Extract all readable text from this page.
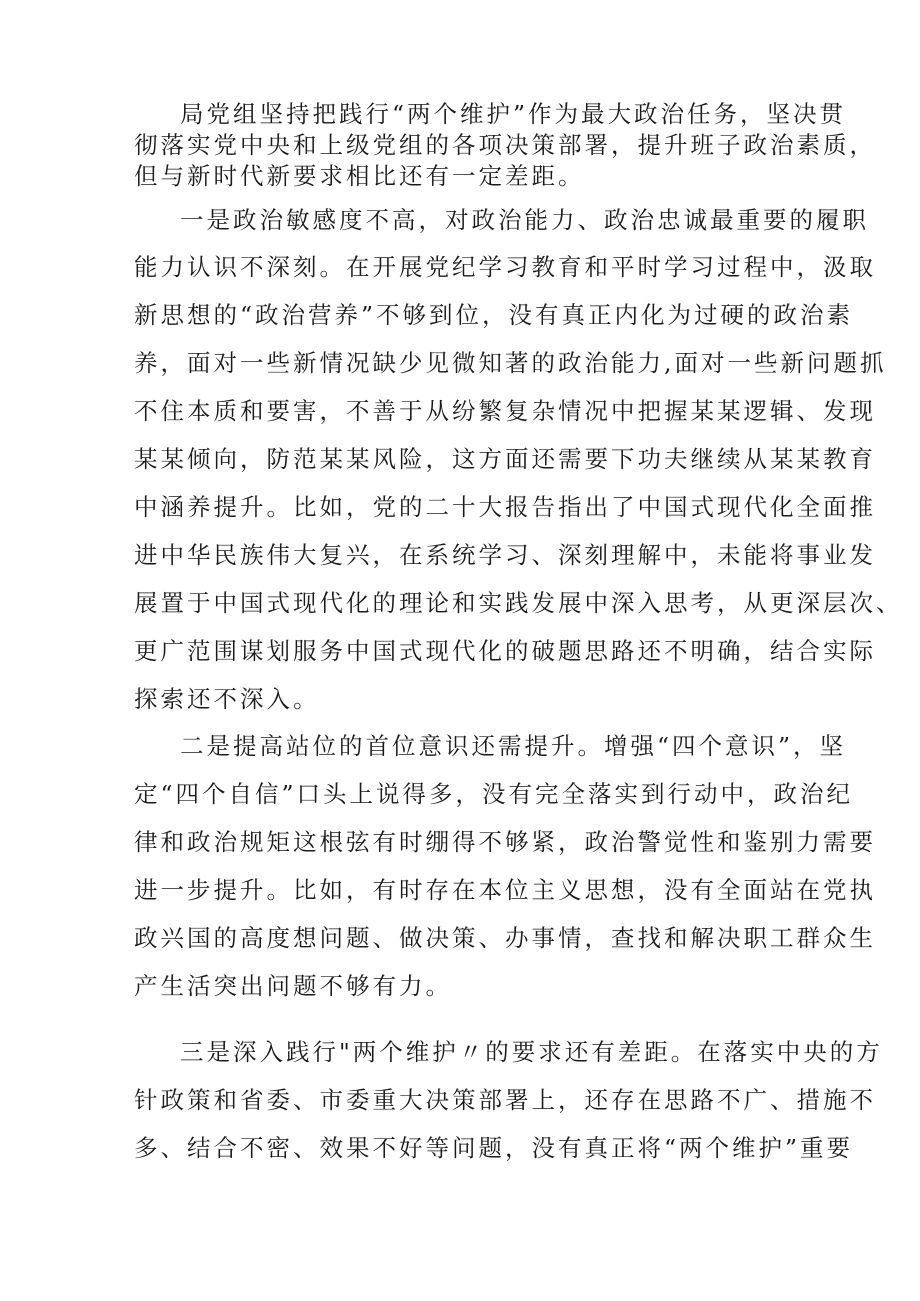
局党组坚持把践行“两个维护”作为最大政治任务，坚决贯
彻落实党中央和上级党组的各项决策部署，提升班子政治素质，
但与新时代新要求相比还有一定差距。
一是政治敏感度不高，对政治能力、政治忠诚最重要的履职
能力认识不深刻。在开展党纪学习教育和平时学习过程中，汲取
新思想的“政治营养”不够到位，没有真正内化为过硬的政治素
养，面对一些新情况缺少见微知著的政治能力,面对一些新问题抓
不住本质和要害，不善于从纷繁复杂情况中把握某某逻辑、发现
某某倾向，防范某某风险，这方面还需要下功夫继续从某某教育
中涵养提升。比如，党的二十大报告指出了中国式现代化全面推
进中华民族伟大复兴，在系统学习、深刻理解中，未能将事业发
展置于中国式现代化的理论和实践发展中深入思考，从更深层次、
更广范围谋划服务中国式现代化的破题思路还不明确，结合实际
探索还不深入。
二是提高站位的首位意识还需提升。增强“四个意识”，坚
定“四个自信”口头上说得多，没有完全落实到行动中，政治纪
律和政治规矩这根弦有时绷得不够紧，政治警觉性和鉴别力需要
进一步提升。比如，有时存在本位主义思想，没有全面站在党执
政兴国的高度想问题、做决策、办事情，查找和解决职工群众生
产生活突出问题不够有力。
三是深入践行"两个维护〃的要求还有差距。在落实中央的方
针政策和省委、市委重大决策部署上，还存在思路不广、措施不
多、结合不密、效果不好等问题，没有真正将“两个维护”重要
